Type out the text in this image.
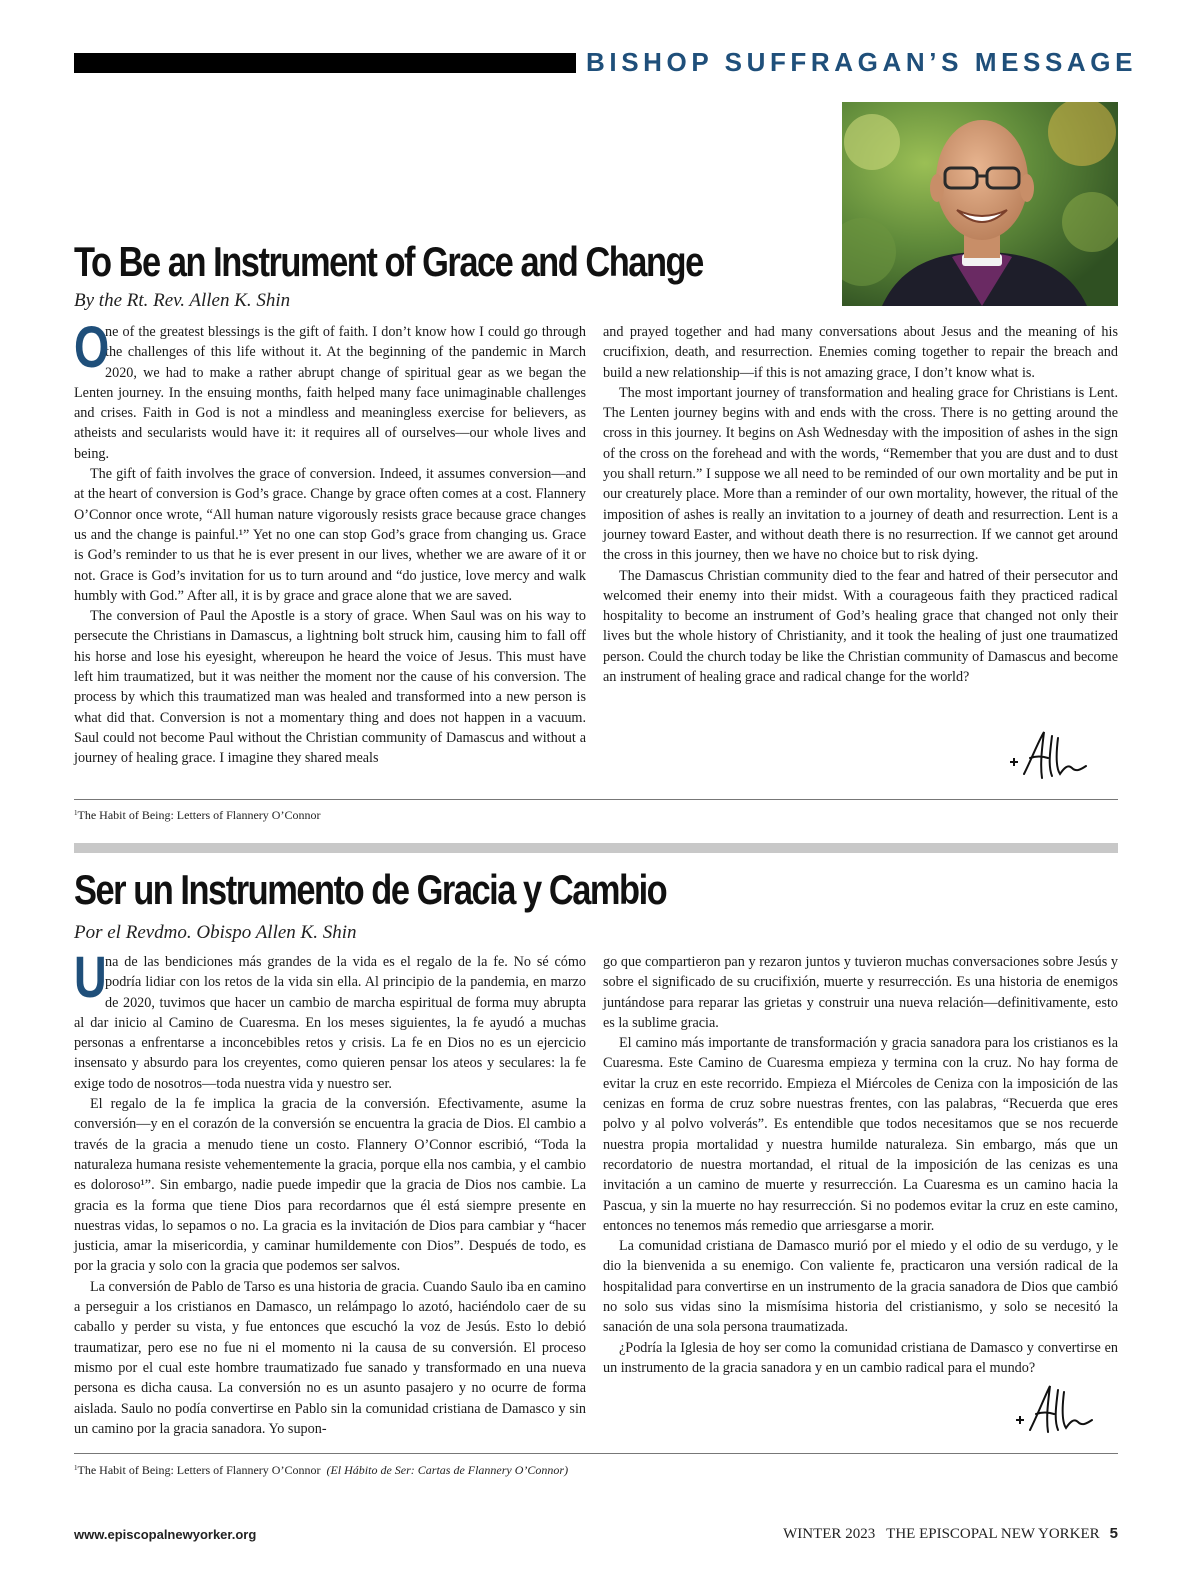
BISHOP SUFFRAGAN’S MESSAGE
To Be an Instrument of Grace and Change
By the Rt. Rev. Allen K. Shin

O
ne of the greatest blessings is the gift of faith. I don’t know how I could go through the challenges of this life without it. At the beginning of the pandemic in March 2020, we had to make a rather abrupt change of spiritual gear as we began the Lenten journey. In the ensuing months, faith helped many face unimaginable challenges and crises. Faith in God is not a mindless and meaningless exercise for believers, as atheists and secularists would have it: it requires all of ourselves—our whole lives and being.

The gift of faith involves the grace of conversion. Indeed, it assumes conversion—and at the heart of conversion is God’s grace. Change by grace often comes at a cost. Flannery O’Connor once wrote, “All human nature vigorously resists grace because grace changes us and the change is painful.¹” Yet no one can stop God’s grace from changing us. Grace is God’s reminder to us that he is ever present in our lives, whether we are aware of it or not. Grace is God’s invitation for us to turn around and “do justice, love mercy and walk humbly with God.” After all, it is by grace and grace alone that we are saved.

The conversion of Paul the Apostle is a story of grace. When Saul was on his way to persecute the Christians in Damascus, a lightning bolt struck him, causing him to fall off his horse and lose his eyesight, whereupon he heard the voice of Jesus. This must have left him traumatized, but it was neither the moment nor the cause of his conversion. The process by which this traumatized man was healed and transformed into a new person is what did that. Conversion is not a momentary thing and does not happen in a vacuum. Saul could not become Paul without the Christian community of Damascus and without a journey of healing grace. I imagine they shared meals

and prayed together and had many conversations about Jesus and the meaning of his crucifixion, death, and resurrection. Enemies coming together to repair the breach and build a new relationship—if this is not amazing grace, I don’t know what is.

The most important journey of transformation and healing grace for Christians is Lent. The Lenten journey begins with and ends with the cross. There is no getting around the cross in this journey. It begins on Ash Wednesday with the imposition of ashes in the sign of the cross on the forehead and with the words, “Remember that you are dust and to dust you shall return.” I suppose we all need to be reminded of our own mortality and be put in our creaturely place. More than a reminder of our own mortality, however, the ritual of the imposition of ashes is really an invitation to a journey of death and resurrection. Lent is a journey toward Easter, and without death there is no resurrection. If we cannot get around the cross in this journey, then we have no choice but to risk dying.

The Damascus Christian community died to the fear and hatred of their persecutor and welcomed their enemy into their midst. With a courageous faith they practiced radical hospitality to become an instrument of God’s healing grace that changed not only their lives but the whole history of Christianity, and it took the healing of just one traumatized person. Could the church today be like the Christian community of Damascus and become an instrument of healing grace and radical change for the world?

$^1$The Habit of Being: Letters of Flannery O’Connor
Ser un Instrumento de Gracia y Cambio
Por el Revdmo. Obispo Allen K. Shin

U
na de las bendiciones más grandes de la vida es el regalo de la fe. No sé cómo podría lidiar con los retos de la vida sin ella. Al principio de la pandemia, en marzo de 2020, tuvimos que hacer un cambio de marcha espiritual de forma muy abrupta al dar inicio al Camino de Cuaresma. En los meses siguientes, la fe ayudó a muchas personas a enfrentarse a inconcebibles retos y crisis. La fe en Dios no es un ejercicio insensato y absurdo para los creyentes, como quieren pensar los ateos y seculares: la fe exige todo de nosotros—toda nuestra vida y nuestro ser.

El regalo de la fe implica la gracia de la conversión. Efectivamente, asume la conversión—y en el corazón de la conversión se encuentra la gracia de Dios. El cambio a través de la gracia a menudo tiene un costo. Flannery O’Connor escribió, “Toda la naturaleza humana resiste vehementemente la gracia, porque ella nos cambia, y el cambio es doloroso¹”. Sin embargo, nadie puede impedir que la gracia de Dios nos cambie. La gracia es la forma que tiene Dios para recordarnos que él está siempre presente en nuestras vidas, lo sepamos o no. La gracia es la invitación de Dios para cambiar y “hacer justicia, amar la misericordia, y caminar humildemente con Dios”. Después de todo, es por la gracia y solo con la gracia que podemos ser salvos.

La conversión de Pablo de Tarso es una historia de gracia. Cuando Saulo iba en camino a perseguir a los cristianos en Damasco, un relámpago lo azotó, haciéndolo caer de su caballo y perder su vista, y fue entonces que escuchó la voz de Jesús. Esto lo debió traumatizar, pero ese no fue ni el momento ni la causa de su conversión. El proceso mismo por el cual este hombre traumatizado fue sanado y transformado en una nueva persona es dicha causa. La conversión no es un asunto pasajero y no ocurre de forma aislada. Saulo no podía convertirse en Pablo sin la comunidad cristiana de Damasco y sin un camino por la gracia sanadora. Yo supon-

go que compartieron pan y rezaron juntos y tuvieron muchas conversaciones sobre Jesús y sobre el significado de su crucifixión, muerte y resurrección. Es una historia de enemigos juntándose para reparar las grietas y construir una nueva relación—definitivamente, esto es la sublime gracia.

El camino más importante de transformación y gracia sanadora para los cristianos es la Cuaresma. Este Camino de Cuaresma empieza y termina con la cruz. No hay forma de evitar la cruz en este recorrido. Empieza el Miércoles de Ceniza con la imposición de las cenizas en forma de cruz sobre nuestras frentes, con las palabras, “Recuerda que eres polvo y al polvo volverás”. Es entendible que todos necesitamos que se nos recuerde nuestra propia mortalidad y nuestra humilde naturaleza. Sin embargo, más que un recordatorio de nuestra mortandad, el ritual de la imposición de las cenizas es una invitación a un camino de muerte y resurrección. La Cuaresma es un camino hacia la Pascua, y sin la muerte no hay resurrección. Si no podemos evitar la cruz en este camino, entonces no tenemos más remedio que arriesgarse a morir.

La comunidad cristiana de Damasco murió por el miedo y el odio de su verdugo, y le dio la bienvenida a su enemigo. Con valiente fe, practicaron una versión radical de la hospitalidad para convertirse en un instrumento de la gracia sanadora de Dios que cambió no solo sus vidas sino la mismísima historia del cristianismo, y solo se necesitó la sanación de una sola persona traumatizada.

¿Podría la Iglesia de hoy ser como la comunidad cristiana de Damasco y convertirse en un instrumento de la gracia sanadora y en un cambio radical para el mundo?

$^1$The Habit of Being: Letters of Flannery O’Connor (El Hábito de Ser: Cartas de Flannery O’Connor)
www.episcopalnewyorker.org	WINTER 2023   THE EPISCOPAL NEW YORKER 5
